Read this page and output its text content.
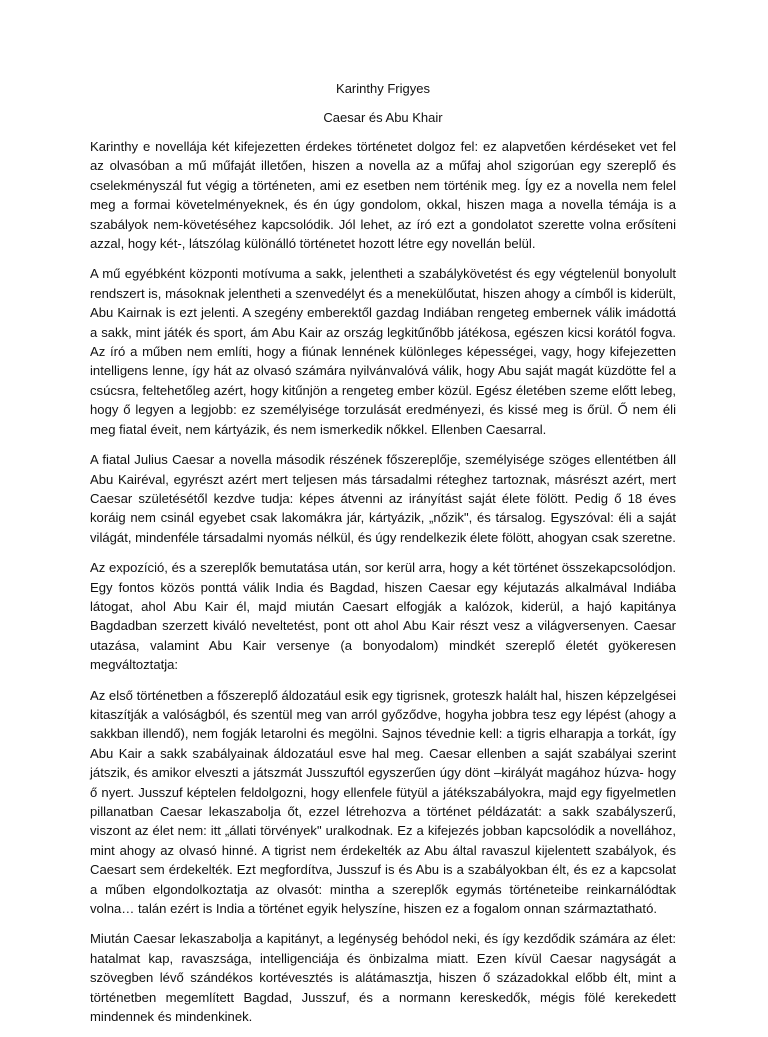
Karinthy Frigyes
Caesar és Abu Khair

Karinthy e novellája két kifejezetten érdekes történetet dolgoz fel: ez alapvetően kérdéseket vet fel az olvasóban a mű műfaját illetően, hiszen a novella az a műfaj ahol szigorúan egy szereplő és cselekményszál fut végig a történeten, ami ez esetben nem történik meg. Így ez a novella nem felel meg a formai követelményeknek, és én úgy gondolom, okkal, hiszen maga a novella témája is a szabályok nem-követéséhez kapcsolódik. Jól lehet, az író ezt a gondolatot szerette volna erősíteni azzal, hogy két-, látszólag különálló történetet hozott létre egy novellán belül.

A mű egyébként központi motívuma a sakk, jelentheti a szabálykövetést és egy végtelenül bonyolult rendszert is, másoknak jelentheti a szenvedélyt és a menekülőutat, hiszen ahogy a címből is kiderült, Abu Kairnak is ezt jelenti. A szegény emberektől gazdag Indiában rengeteg embernek válik imádottá a sakk, mint játék és sport, ám Abu Kair az ország legkitűnőbb játékosa, egészen kicsi korától fogva. Az író a műben nem említi, hogy a fiúnak lennének különleges képességei, vagy, hogy kifejezetten intelligens lenne, így hát az olvasó számára nyilvánvalóvá válik, hogy Abu saját magát küzdötte fel a csúcsra, feltehetőleg azért, hogy kitűnjön a rengeteg ember közül. Egész életében szeme előtt lebeg, hogy ő legyen a legjobb: ez személyisége torzulását eredményezi, és kissé meg is őrül. Ő nem éli meg fiatal éveit, nem kártyázik, és nem ismerkedik nőkkel. Ellenben Caesarral.

A fiatal Julius Caesar a novella második részének főszereplője, személyisége szöges ellentétben áll Abu Kairéval, egyrészt azért mert teljesen más társadalmi réteghez tartoznak, másrészt azért, mert Caesar születésétől kezdve tudja: képes átvenni az irányítást saját élete fölött. Pedig ő 18 éves koráig nem csinál egyebet csak lakomákra jár, kártyázik, „nőzik", és társalog. Egyszóval: éli a saját világát, mindenféle társadalmi nyomás nélkül, és úgy rendelkezik élete fölött, ahogyan csak szeretne.

Az expozíció, és a szereplők bemutatása után, sor kerül arra, hogy a két történet összekapcsolódjon. Egy fontos közös ponttá válik India és Bagdad, hiszen Caesar egy kéjutazás alkalmával Indiába látogat, ahol Abu Kair él, majd miután Caesart elfogják a kalózok, kiderül, a hajó kapitánya Bagdadban szerzett kiváló neveltetést, pont ott ahol Abu Kair részt vesz a világversenyen. Caesar utazása, valamint Abu Kair versenye (a bonyodalom) mindkét szereplő életét gyökeresen megváltoztatja:

Az első történetben a főszereplő áldozatául esik egy tigrisnek, groteszk halált hal, hiszen képzelgései kitaszítják a valóságból, és szentül meg van arról győződve, hogyha jobbra tesz egy lépést (ahogy a sakkban illendő), nem fogják letarolni és megölni. Sajnos tévednie kell: a tigris elharapja a torkát, így Abu Kair a sakk szabályainak áldozatául esve hal meg. Caesar ellenben a saját szabályai szerint játszik, és amikor elveszti a játszmát Jusszuftól egyszerűen úgy dönt –királyát magához húzva- hogy ő nyert. Jusszuf képtelen feldolgozni, hogy ellenfele fütyül a játékszabályokra, majd egy figyelmetlen pillanatban Caesar lekaszabolja őt, ezzel létrehozva a történet példázatát: a sakk szabályszerű, viszont az élet nem: itt „állati törvények" uralkodnak. Ez a kifejezés jobban kapcsolódik a novellához, mint ahogy az olvasó hinné. A tigrist nem érdekelték az Abu által ravaszul kijelentett szabályok, és Caesart sem érdekelték. Ezt megfordítva, Jusszuf is és Abu is a szabályokban élt, és ez a kapcsolat a műben elgondolkoztatja az olvasót: mintha a szereplők egymás történeteibe reinkarnálódtak volna… talán ezért is India a történet egyik helyszíne, hiszen ez a fogalom onnan származtatható.

Miután Caesar lekaszabolja a kapitányt, a legénység behódol neki, és így kezdődik számára az élet: hatalmat kap, ravaszsága, intelligenciája és önbizalma miatt. Ezen kívül Caesar nagyságát a szövegben lévő szándékos kortévesztés is alátámasztja, hiszen ő századokkal előbb élt, mint a történetben megemlített Bagdad, Jusszuf, és a normann kereskedők, mégis fölé kerekedett mindennek és mindenkinek.
